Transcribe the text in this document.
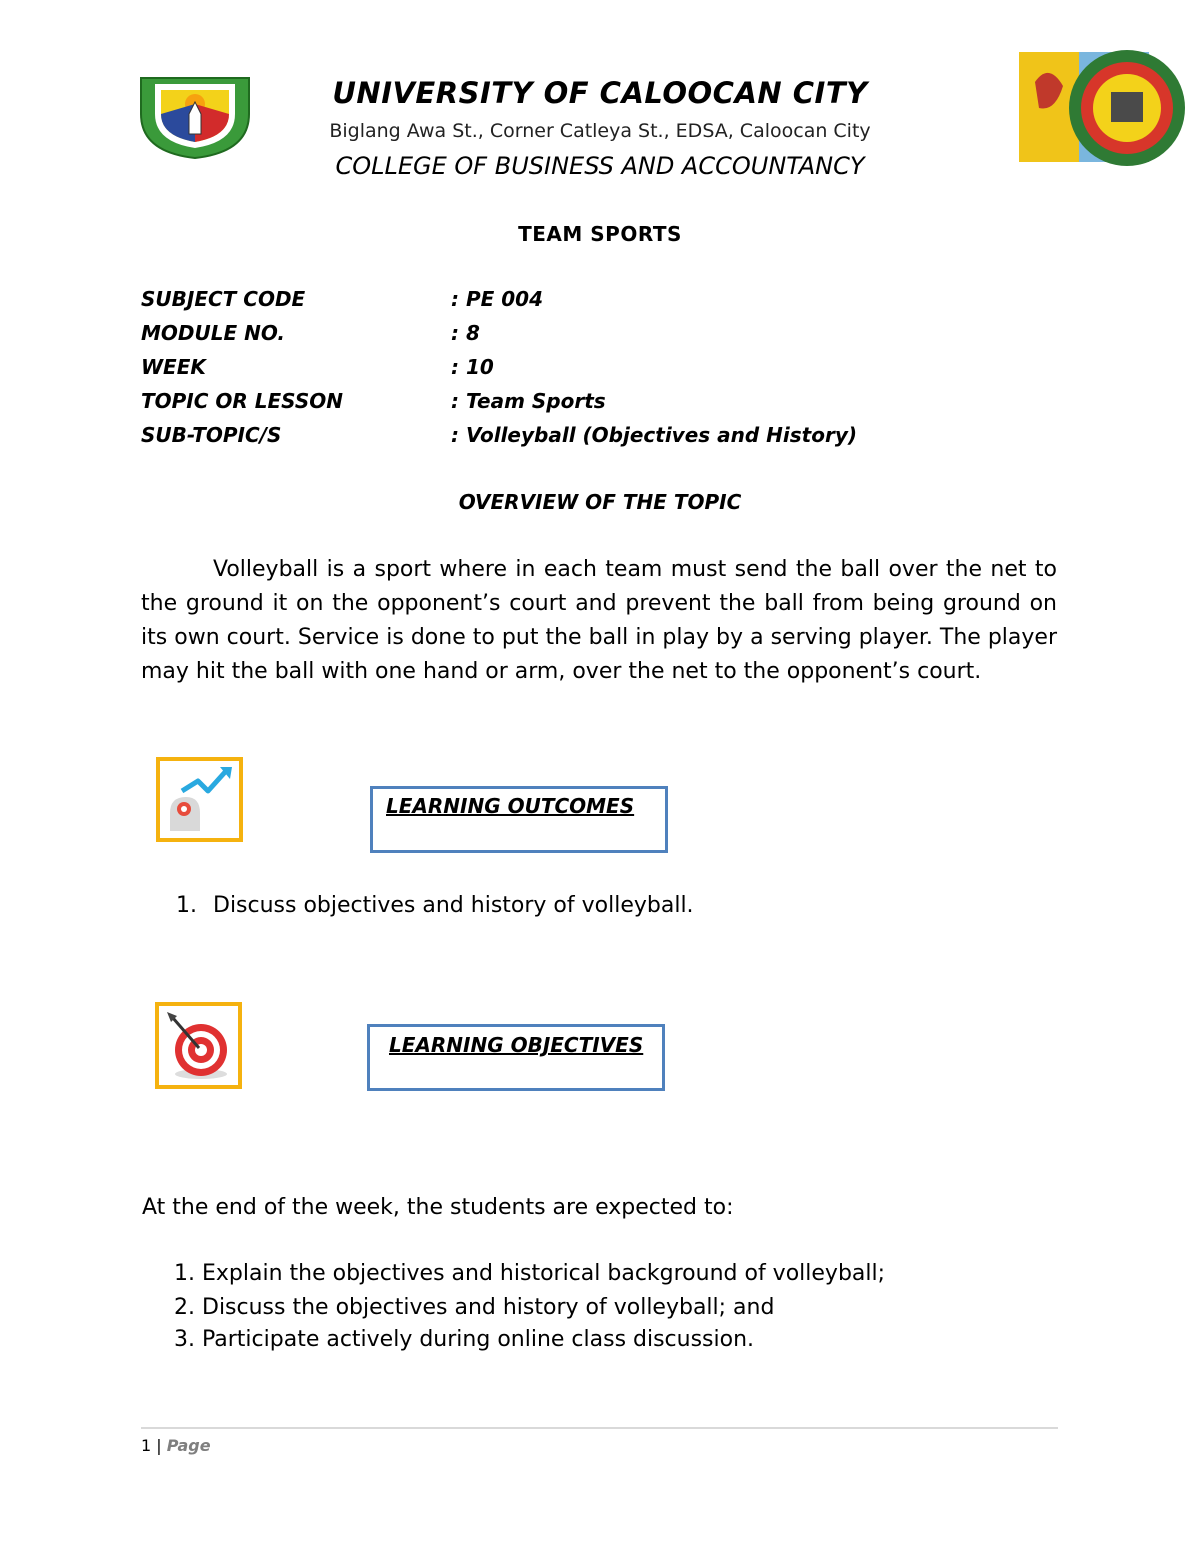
UNIVERSITY OF CALOOCAN CITY
Biglang Awa St., Corner Catleya St., EDSA, Caloocan City
COLLEGE OF BUSINESS AND ACCOUNTANCY
TEAM SPORTS
SUBJECT CODE	: PE 004
MODULE NO.	: 8
WEEK	: 10
TOPIC OR LESSON	: Team Sports
SUB-TOPIC/S	: Volleyball (Objectives and History)
OVERVIEW OF THE TOPIC
Volleyball is a sport where in each team must send the ball over the net to the ground it on the opponent’s court and prevent the ball from being ground on its own court. Service is done to put the ball in play by a serving player. The player may hit the ball with one hand or arm, over the net to the opponent’s court.
LEARNING OUTCOMES
1. Discuss objectives and history of volleyball.
LEARNING OBJECTIVES
At the end of the week, the students are expected to:
1. Explain the objectives and historical background of volleyball;
2. Discuss the objectives and history of volleyball; and
3. Participate actively during online class discussion.
1 | Page
